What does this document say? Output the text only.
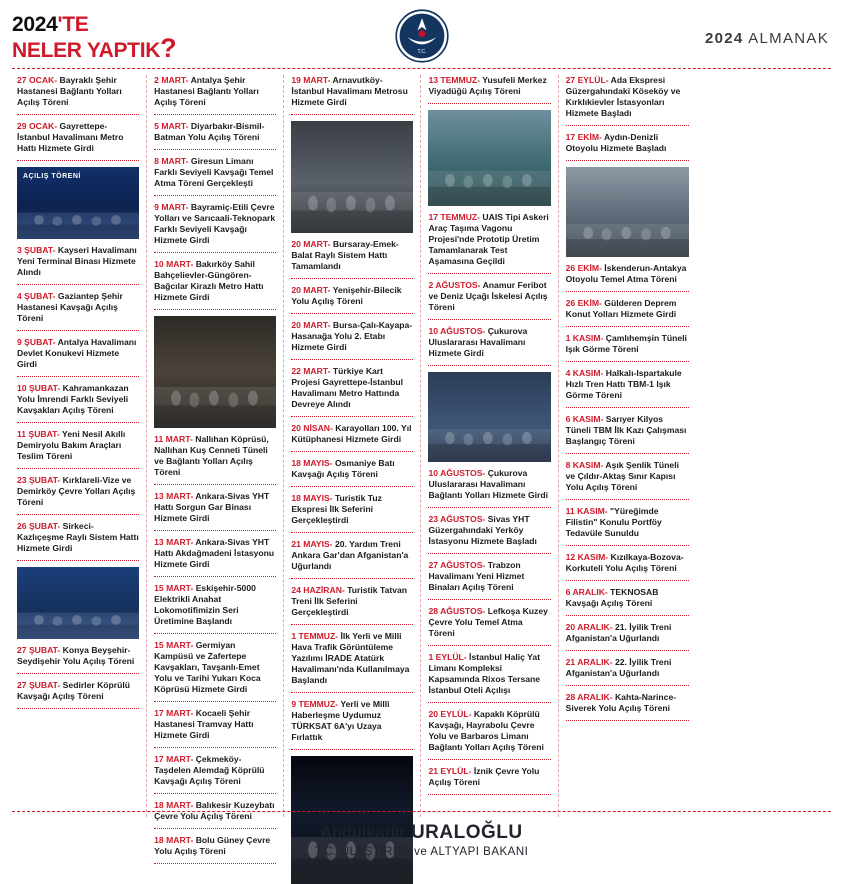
2024'TE
NELER YAPTIK?	T.C.
2024 ALMANAK

27 OCAK- Bayraklı Şehir Hastanesi Bağlantı Yolları Açılış Töreni

29 OCAK- Gayrettepe-İstanbul Havalimanı Metro Hattı Hizmete Girdi

AÇILIŞ TÖRENİ

3 ŞUBAT- Kayseri Havalimanı Yeni Terminal Binası Hizmete Alındı

4 ŞUBAT- Gaziantep Şehir Hastanesi Kavşağı Açılış Töreni

9 ŞUBAT- Antalya Havalimanı Devlet Konukevi Hizmete Girdi

10 ŞUBAT- Kahramankazan Yolu İmrendi Farklı Seviyeli Kavşakları Açılış Töreni

11 ŞUBAT- Yeni Nesil Akıllı Demiryolu Bakım Araçları Teslim Töreni

23 ŞUBAT- Kırklareli-Vize ve Demirköy Çevre Yolları Açılış Töreni

26 ŞUBAT- Sirkeci-Kazlıçeşme Raylı Sistem Hattı Hizmete Girdi

27 ŞUBAT- Konya Beyşehir-Seydişehir Yolu Açılış Töreni

27 ŞUBAT- Sedirler Köprülü Kavşağı Açılış Töreni

2 MART- Antalya Şehir Hastanesi Bağlantı Yolları Açılış Töreni

5 MART- Diyarbakır-Bismil-Batman Yolu Açılış Töreni

8 MART- Giresun Limanı Farklı Seviyeli Kavşağı Temel Atma Töreni Gerçekleşti

9 MART- Bayramiç-Etili Çevre Yolları ve Sarıcaali-Teknopark Farklı Seviyeli Kavşağı Hizmete Girdi

10 MART- Bakırköy Sahil Bahçelievler-Güngören-Bağcılar Kirazlı Metro Hattı Hizmete Girdi

11 MART- Nallıhan Köprüsü, Nallıhan Kuş Cenneti Tüneli ve Bağlantı Yolları Açılış Töreni

13 MART- Ankara-Sivas YHT Hattı Sorgun Gar Binası Hizmete Girdi

13 MART- Ankara-Sivas YHT Hattı Akdağmadeni İstasyonu Hizmete Girdi

15 MART- Eskişehir-5000 Elektrikli Anahat Lokomotifimizin Seri Üretimine Başlandı

15 MART- Germiyan Kampüsü ve Zafertepe Kavşakları, Tavşanlı-Emet Yolu ve Tarihi Yukarı Koca Köprüsü Hizmete Girdi

17 MART- Kocaeli Şehir Hastanesi Tramvay Hattı Hizmete Girdi

17 MART- Çekmeköy-Taşdelen Alemdağ Köprülü Kavşağı Açılış Töreni

18 MART- Balıkesir Kuzeybatı Çevre Yolu Açılış Töreni

18 MART- Bolu Güney Çevre Yolu Açılış Töreni

19 MART- Arnavutköy-İstanbul Havalimanı Metrosu Hizmete Girdi

20 MART- Bursaray-Emek-Balat Raylı Sistem Hattı Tamamlandı

20 MART- Yenişehir-Bilecik Yolu Açılış Töreni

20 MART- Bursa-Çalı-Kayapa-Hasanağa Yolu 2. Etabı Hizmete Girdi

22 MART- Türkiye Kart Projesi Gayrettepe-İstanbul Havalimanı Metro Hattında Devreye Alındı

20 NİSAN- Karayolları 100. Yıl Kütüphanesi Hizmete Girdi

18 MAYIS- Osmaniye Batı Kavşağı Açılış Töreni

18 MAYIS- Turistik Tuz Ekspresi İlk Seferini Gerçekleştirdi

21 MAYIS- 20. Yardım Treni Ankara Gar'dan Afganistan'a Uğurlandı

24 HAZİRAN- Turistik Tatvan Treni İlk Seferini Gerçekleştirdi

1 TEMMUZ- İlk Yerli ve Milli Hava Trafik Görüntüleme Yazılımı İRADE Atatürk Havalimanı'nda Kullanılmaya Başlandı

9 TEMMUZ- Yerli ve Milli Haberleşme Uydumuz TÜRKSAT 6A'yı Uzaya Fırlattık

13 TEMMUZ- Yusufeli Merkez Viyadüğü Açılış Töreni

17 TEMMUZ- UAIS Tipi Askeri Araç Taşıma Vagonu Projesi'nde Prototip Üretim Tamamlanarak Test Aşamasına Geçildi

2 AĞUSTOS- Anamur Feribot ve Deniz Uçağı İskelesi Açılış Töreni

10 AĞUSTOS- Çukurova Uluslararası Havalimanı Hizmete Girdi

10 AĞUSTOS- Çukurova Uluslararası Havalimanı Bağlantı Yolları Hizmete Girdi

23 AĞUSTOS- Sivas YHT Güzergahındaki Yerköy İstasyonu Hizmete Başladı

27 AĞUSTOS- Trabzon Havalimanı Yeni Hizmet Binaları Açılış Töreni

28 AĞUSTOS- Lefkoşa Kuzey Çevre Yolu Temel Atma Töreni

1 EYLÜL- İstanbul Haliç Yat Limanı Kompleksi Kapsamında Rixos Tersane İstanbul Oteli Açılışı

20 EYLÜL- Kapaklı Köprülü Kavşağı, Hayrabolu Çevre Yolu ve Barbaros Limanı Bağlantı Yolları Açılış Töreni

21 EYLÜL- İznik Çevre Yolu Açılış Töreni

27 EYLÜL- Ada Ekspresi Güzergahındaki Köseköy ve Kırklıkievler İstasyonları Hizmete Başladı

17 EKİM- Aydın-Denizli Otoyolu Hizmete Başladı

26 EKİM- İskenderun-Antakya Otoyolu Temel Atma Töreni

26 EKİM- Gülderen Deprem Konut Yolları Hizmete Girdi

1 KASIM- Çamlıhemşin Tüneli Işık Görme Töreni

4 KASIM- Halkalı-Ispartakule Hızlı Tren Hattı TBM-1 Işık Görme Töreni

6 KASIM- Sarıyer Kilyos Tüneli TBM İlk Kazı Çalışması Başlangıç Töreni

8 KASIM- Aşık Şenlik Tüneli ve Çıldır-Aktaş Sınır Kapısı Yolu Açılış Töreni

11 KASIM- "Yüreğimde Filistin" Konulu Portföy Tedavüle Sunuldu

12 KASIM- Kızılkaya-Bozova-Korkuteli Yolu Açılış Töreni

6 ARALIK- TEKNOSAB Kavşağı Açılış Töreni

20 ARALIK- 21. İyilik Treni Afganistan'a Uğurlandı

21 ARALIK- 22. İyilik Treni Afganistan'a Uğurlandı

28 ARALIK- Kahta-Narince-Siverek Yolu Açılış Töreni

Abdulkadir URALOĞLU
T.C. ULAŞTIRMA ve ALTYAPI BAKANI
